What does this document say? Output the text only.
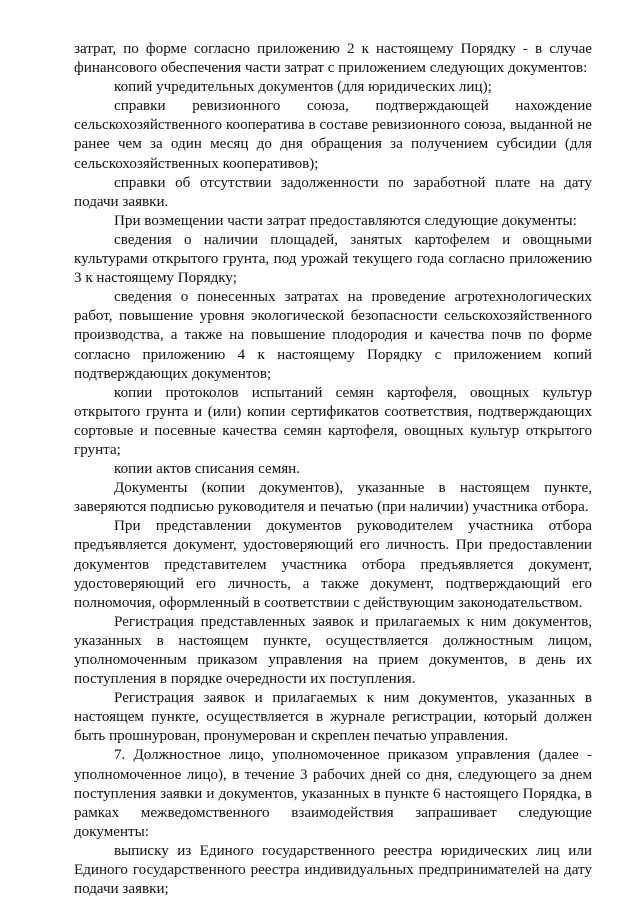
затрат, по форме согласно приложению 2 к настоящему Порядку - в случае финансового обеспечения части затрат с приложением следующих документов:

копий учредительных документов (для юридических лиц);

справки ревизионного союза, подтверждающей нахождение сельскохозяйственного кооператива в составе ревизионного союза, выданной не ранее чем за один месяц до дня обращения за получением субсидии (для сельскохозяйственных кооперативов);

справки об отсутствии задолженности по заработной плате на дату подачи заявки.

При возмещении части затрат предоставляются следующие документы:

сведения о наличии площадей, занятых картофелем и овощными культурами открытого грунта, под урожай текущего года согласно приложению 3 к настоящему Порядку;

сведения о понесенных затратах на проведение агротехнологических работ, повышение уровня экологической безопасности сельскохозяйственного производства, а также на повышение плодородия и качества почв по форме согласно приложению 4 к настоящему Порядку с приложением копий подтверждающих документов;

копии протоколов испытаний семян картофеля, овощных культур открытого грунта и (или) копии сертификатов соответствия, подтверждающих сортовые и посевные качества семян картофеля, овощных культур открытого грунта;

копии актов списания семян.

Документы (копии документов), указанные в настоящем пункте, заверяются подписью руководителя и печатью (при наличии) участника отбора.

При представлении документов руководителем участника отбора предъявляется документ, удостоверяющий его личность. При предоставлении документов представителем участника отбора предъявляется документ, удостоверяющий его личность, а также документ, подтверждающий его полномочия, оформленный в соответствии с действующим законодательством.

Регистрация представленных заявок и прилагаемых к ним документов, указанных в настоящем пункте, осуществляется должностным лицом, уполномоченным приказом управления на прием документов, в день их поступления в порядке очередности их поступления.

Регистрация заявок и прилагаемых к ним документов, указанных в настоящем пункте, осуществляется в журнале регистрации, который должен быть прошнурован, пронумерован и скреплен печатью управления.

7. Должностное лицо, уполномоченное приказом управления (далее - уполномоченное лицо), в течение 3 рабочих дней со дня, следующего за днем поступления заявки и документов, указанных в пункте 6 настоящего Порядка, в рамках межведомственного взаимодействия запрашивает следующие документы:

выписку из Единого государственного реестра юридических лиц или Единого государственного реестра индивидуальных предпринимателей на дату подачи заявки;
